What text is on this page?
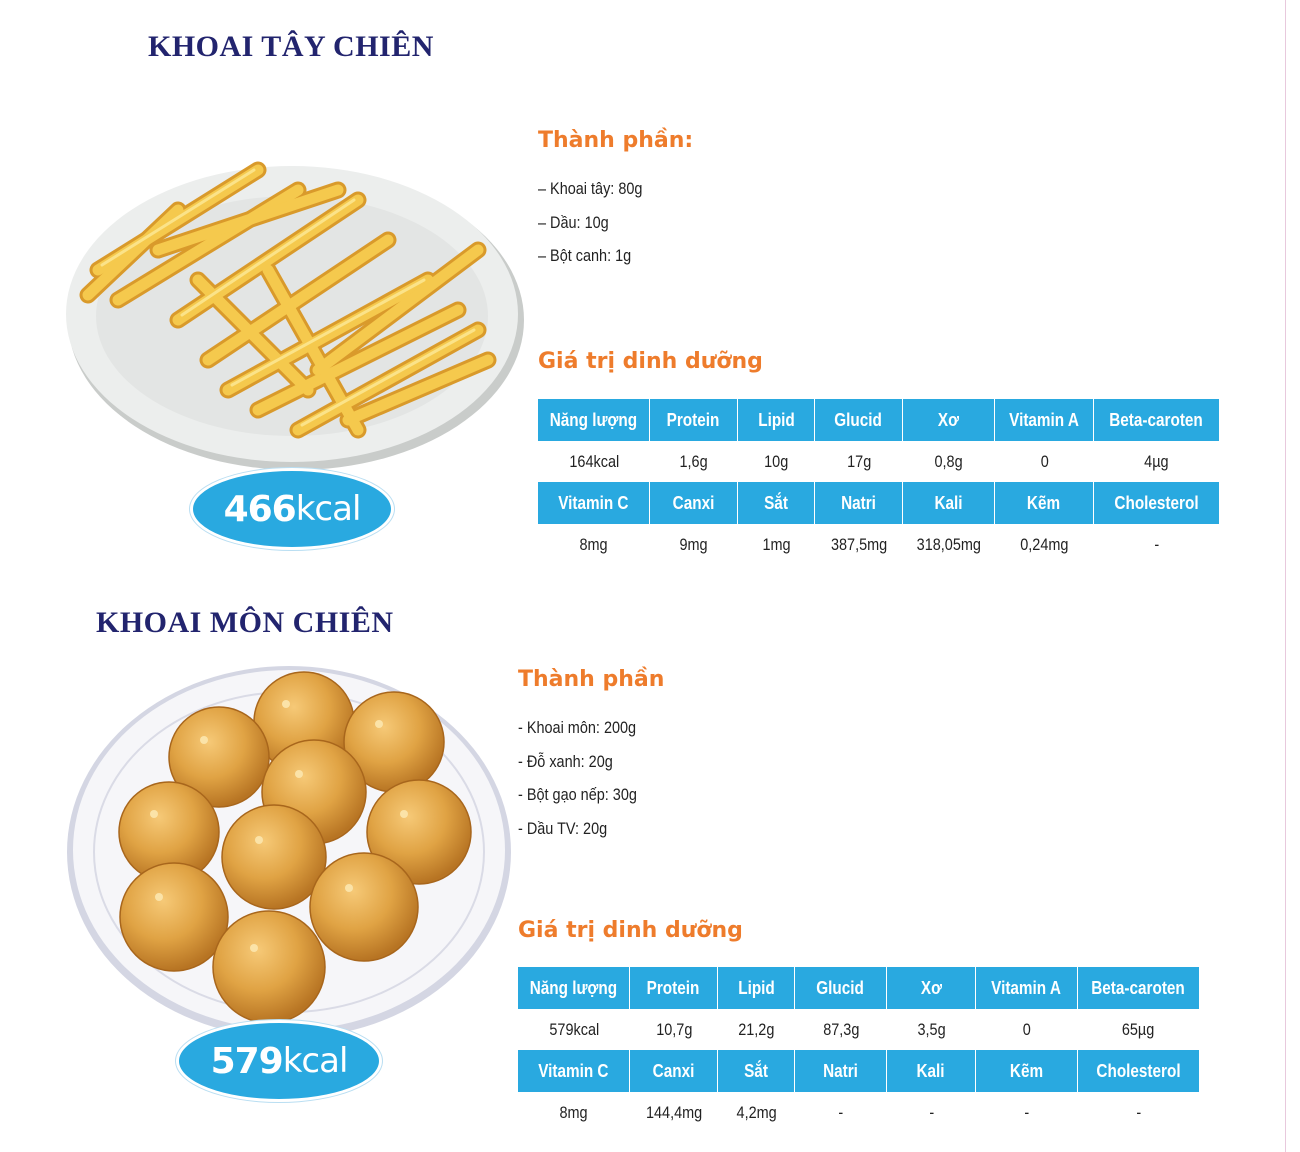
KHOAI TÂY CHIÊN
466 kcal
Thành phần:
– Khoai tây: 80g
– Dầu: 10g
– Bột canh: 1g
Giá trị dinh dưỡng
Năng lượng	Protein	Lipid	Glucid	Xơ	Vitamin A	Beta-caroten
164kcal	1,6g	10g	17g	0,8g	0	4µg
Vitamin C	Canxi	Sắt	Natri	Kali	Kẽm	Cholesterol
8mg	9mg	1mg	387,5mg	318,05mg	0,24mg	-
KHOAI MÔN CHIÊN
579 kcal
Thành phần
- Khoai môn: 200g
- Đỗ xanh: 20g
- Bột gạo nếp: 30g
- Dầu TV: 20g
Giá trị dinh dưỡng
Năng lượng	Protein	Lipid	Glucid	Xơ	Vitamin A	Beta-caroten
579kcal	10,7g	21,2g	87,3g	3,5g	0	65µg
Vitamin C	Canxi	Sắt	Natri	Kali	Kẽm	Cholesterol
8mg	144,4mg	4,2mg	-	-	-	-
